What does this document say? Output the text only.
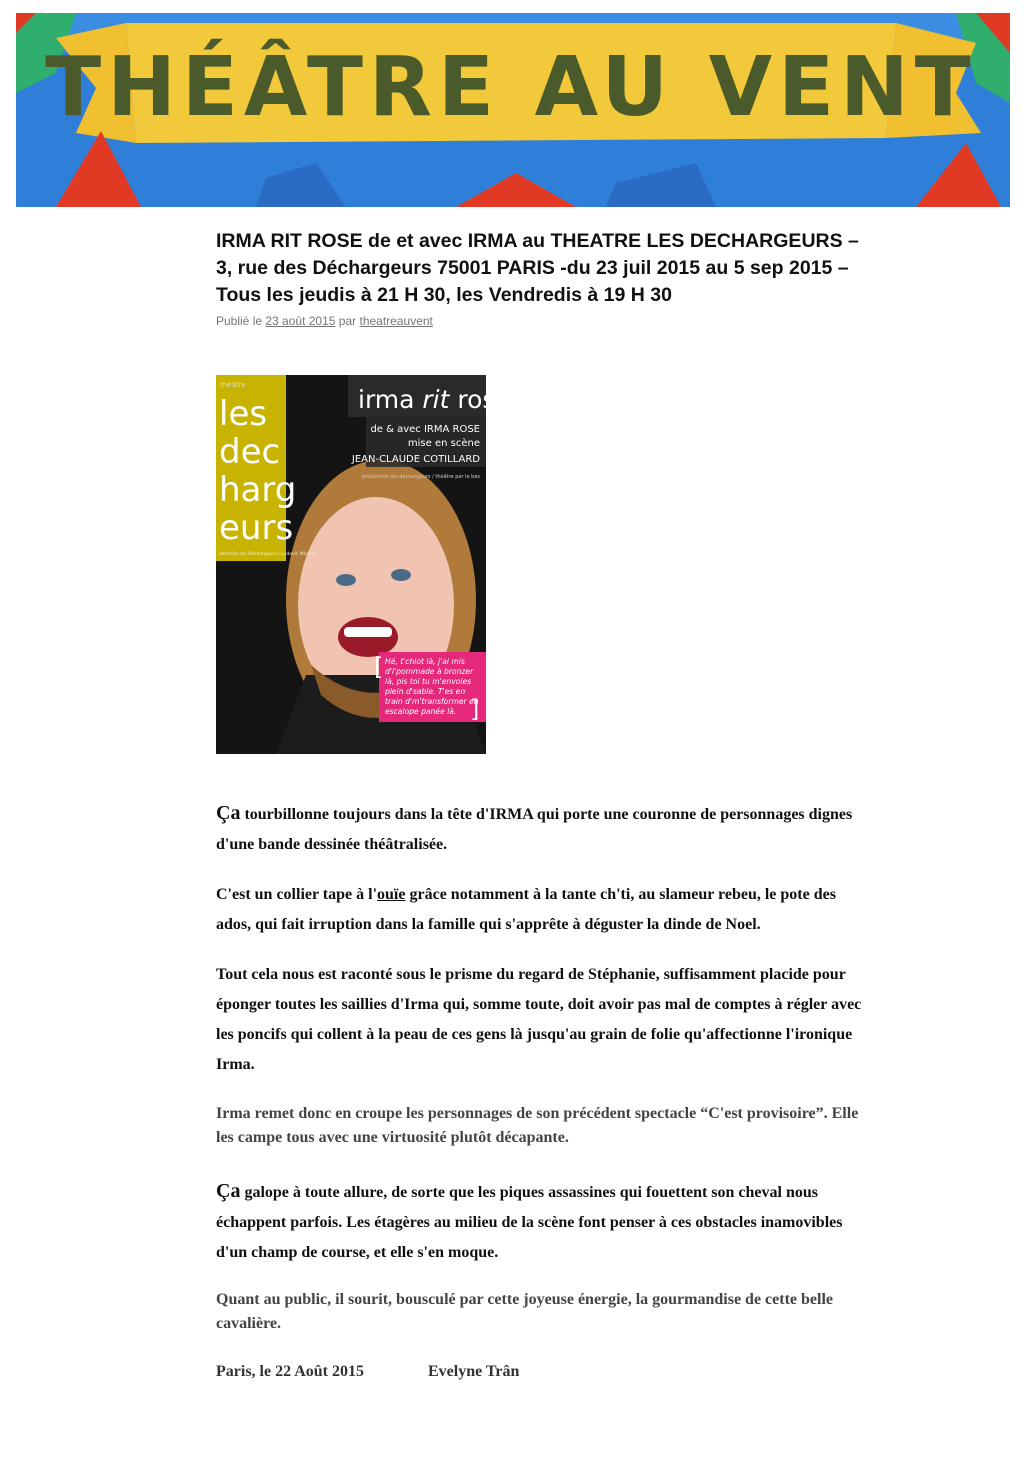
THÉÂTRE AU VENT
IRMA RIT ROSE de et avec IRMA au THEATRE LES DECHARGEURS – 3, rue des Déchargeurs 75001 PARIS -du 23 juil 2015 au 5 sep 2015 – Tous les jeudis à 21 H 30, les Vendredis à 19 H 30
Publié le 23 août 2015 par theatreauvent
théâtre
les
dec
harg
eurs
direction les Déchargeurs / Ludovic Michel
irma rit rose
de & avec IRMA ROSE
mise en scène
JEAN-CLAUDE COTILLARD
production les déchargeurs / théâtre par le bas
[
]
Hé, t'chiot là, j'ai mis
d'l'pommade à bronzer
là, pis toi tu m'envoies
plein d'sable. T'es en
train d'm'transformer en
escalope panée là.

Ça tourbillonne toujours dans la tête d'IRMA qui porte une couronne de personnages dignes d'une bande dessinée théâtralisée.

C'est un collier tape à l'ouïe grâce notamment à la tante ch'ti, au slameur rebeu, le pote des ados, qui fait irruption dans la famille qui s'apprête à déguster la dinde de Noel.

Tout cela nous est raconté sous le prisme du regard de Stéphanie, suffisamment placide pour éponger toutes les saillies d'Irma qui, somme toute, doit avoir pas mal de comptes à régler avec les poncifs qui collent à la peau de ces gens là jusqu'au grain de folie qu'affectionne l'ironique Irma.

Irma remet donc en croupe les personnages de son précédent spectacle “C'est provisoire”. Elle les campe tous avec une virtuosité plutôt décapante.

Ça galope à toute allure, de sorte que les piques assassines qui fouettent son cheval nous échappent parfois. Les étagères au milieu de la scène font penser à ces obstacles inamovibles d'un champ de course, et elle s'en moque.

Quant au public, il sourit, bousculé par cette joyeuse énergie, la gourmandise de cette belle cavalière.

Paris, le 22 Août 2015	Evelyne Trân
